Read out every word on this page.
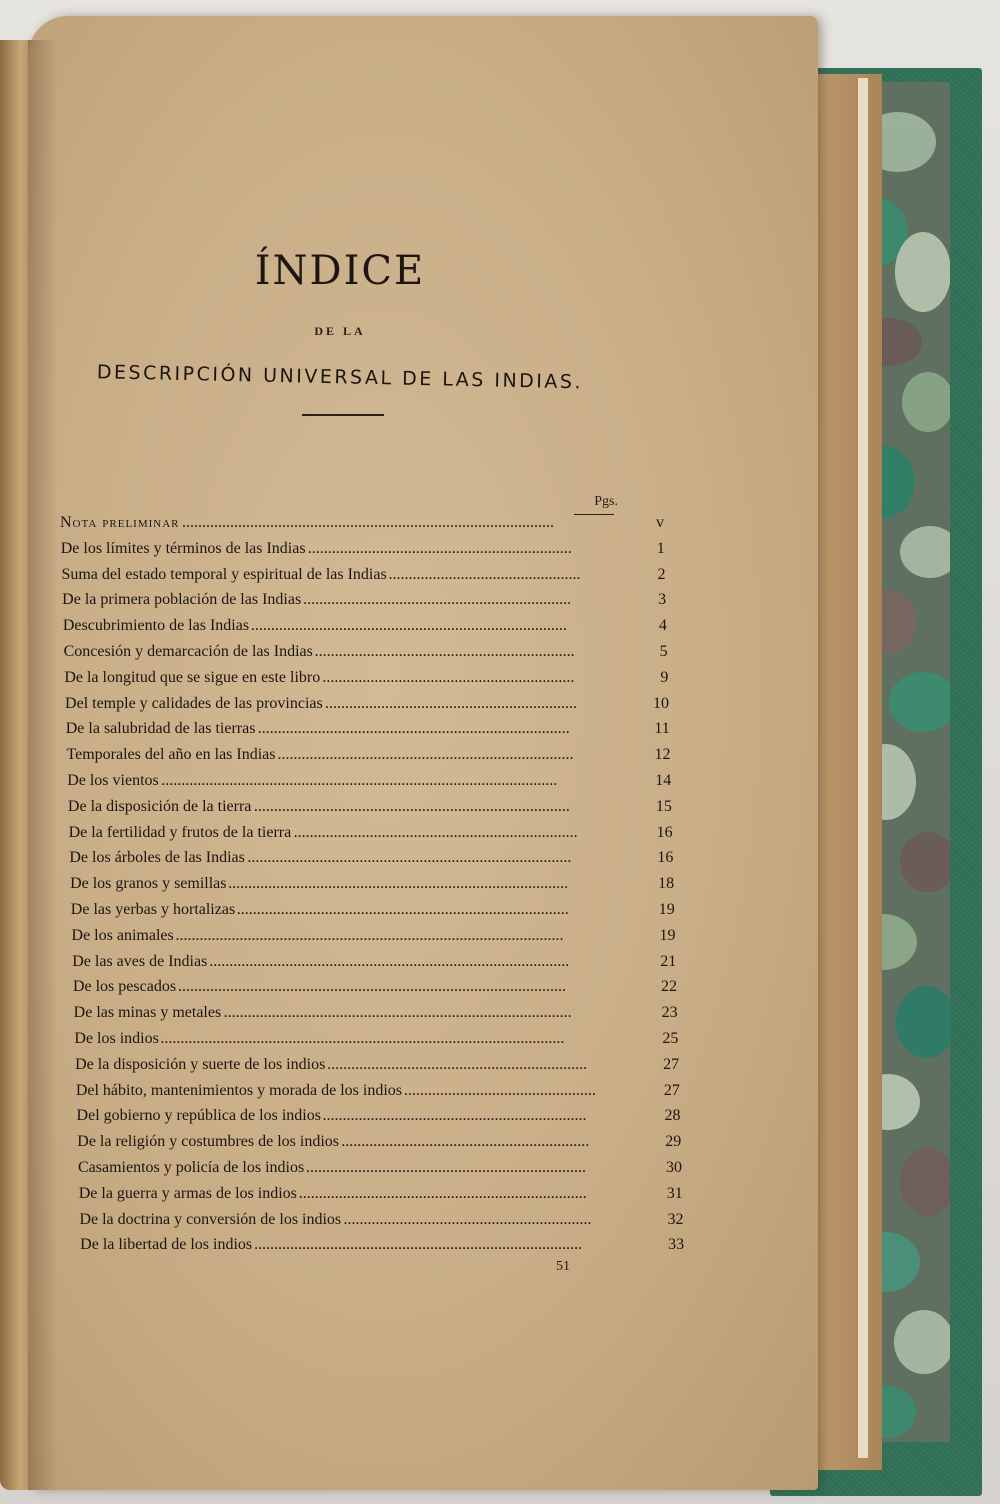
ÍNDICE
DE LA
DESCRIPCIÓN UNIVERSAL DE LAS INDIAS.
Pgs.
Nota preliminar .............................................................................................	v
De los límites y términos de las Indias ..................................................................	1
Suma del estado temporal y espiritual de las Indias ................................................	2
De la primera población de las Indias ...................................................................	3
Descubrimiento de las Indias ...............................................................................	4
Concesión y demarcación de las Indias .................................................................	5
De la longitud que se sigue en este libro ...............................................................	9
Del temple y calidades de las provincias ...............................................................	10
De la salubridad de las tierras ..............................................................................	11
Temporales del año en las Indias ..........................................................................	12
De los vientos ...................................................................................................	14
De la disposición de la tierra ...............................................................................	15
De la fertilidad y frutos de la tierra .......................................................................	16
De los árboles de las Indias .................................................................................	16
De los granos y semillas .....................................................................................	18
De las yerbas y hortalizas ...................................................................................	19
De los animales .................................................................................................	19
De las aves de Indias ..........................................................................................	21
De los pescados .................................................................................................	22
De las minas y metales .......................................................................................	23
De los indios .....................................................................................................	25
De la disposición y suerte de los indios .................................................................	27
Del hábito, mantenimientos y morada de los indios ................................................	27
Del gobierno y república de los indios ..................................................................	28
De la religión y costumbres de los indios ..............................................................	29
Casamientos y policía de los indios ......................................................................	30
De la guerra y armas de los indios ........................................................................	31
De la doctrina y conversión de los indios ..............................................................	32
De la libertad de los indios ..................................................................................	33
51
